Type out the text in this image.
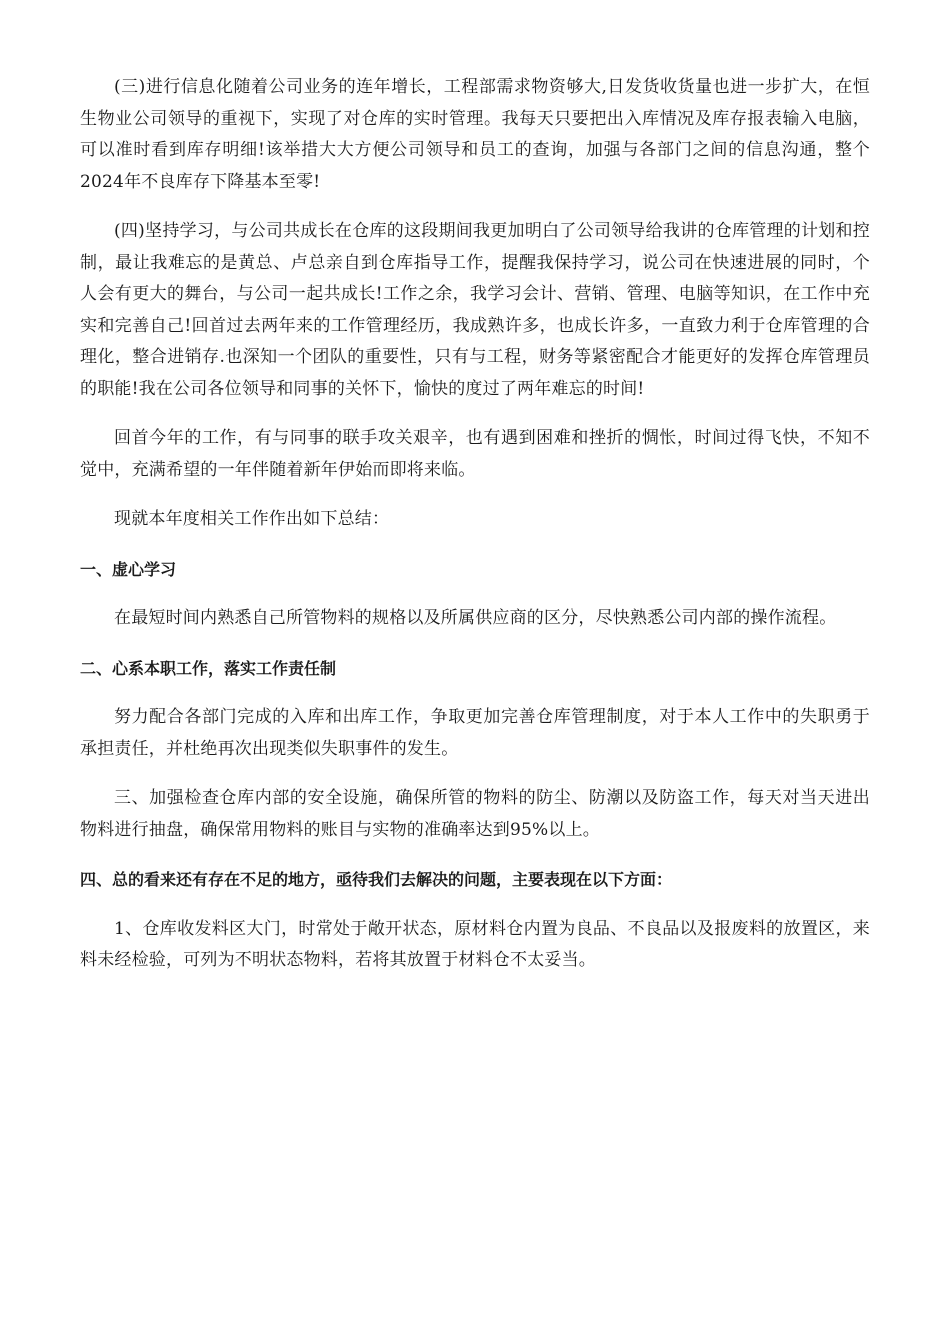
(三)进行信息化随着公司业务的连年增长，工程部需求物资够大,日发货收货量也进一步扩大，在恒生物业公司领导的重视下，实现了对仓库的实时管理。我每天只要把出入库情况及库存报表输入电脑，可以准时看到库存明细!该举措大大方便公司领导和员工的查询，加强与各部门之间的信息沟通，整个2024年不良库存下降基本至零!

(四)坚持学习，与公司共成长在仓库的这段期间我更加明白了公司领导给我讲的仓库管理的计划和控制，最让我难忘的是黄总、卢总亲自到仓库指导工作，提醒我保持学习，说公司在快速进展的同时，个人会有更大的舞台，与公司一起共成长!工作之余，我学习会计、营销、管理、电脑等知识，在工作中充实和完善自己!回首过去两年来的工作管理经历，我成熟许多，也成长许多，一直致力利于仓库管理的合理化，整合进销存.也深知一个团队的重要性，只有与工程，财务等紧密配合才能更好的发挥仓库管理员的职能!我在公司各位领导和同事的关怀下，愉快的度过了两年难忘的时间!

回首今年的工作，有与同事的联手攻关艰辛，也有遇到困难和挫折的惆怅，时间过得飞快，不知不觉中，充满希望的一年伴随着新年伊始而即将来临。

现就本年度相关工作作出如下总结：

一、虚心学习

在最短时间内熟悉自己所管物料的规格以及所属供应商的区分，尽快熟悉公司内部的操作流程。

二、心系本职工作，落实工作责任制

努力配合各部门完成的入库和出库工作，争取更加完善仓库管理制度，对于本人工作中的失职勇于承担责任，并杜绝再次出现类似失职事件的发生。

三、加强检查仓库内部的安全设施，确保所管的物料的防尘、防潮以及防盗工作，每天对当天进出物料进行抽盘，确保常用物料的账目与实物的准确率达到95%以上。

四、总的看来还有存在不足的地方，亟待我们去解决的问题，主要表现在以下方面：

1、仓库收发料区大门，时常处于敞开状态，原材料仓内置为良品、不良品以及报废料的放置区，来料未经检验，可列为不明状态物料，若将其放置于材料仓不太妥当。
